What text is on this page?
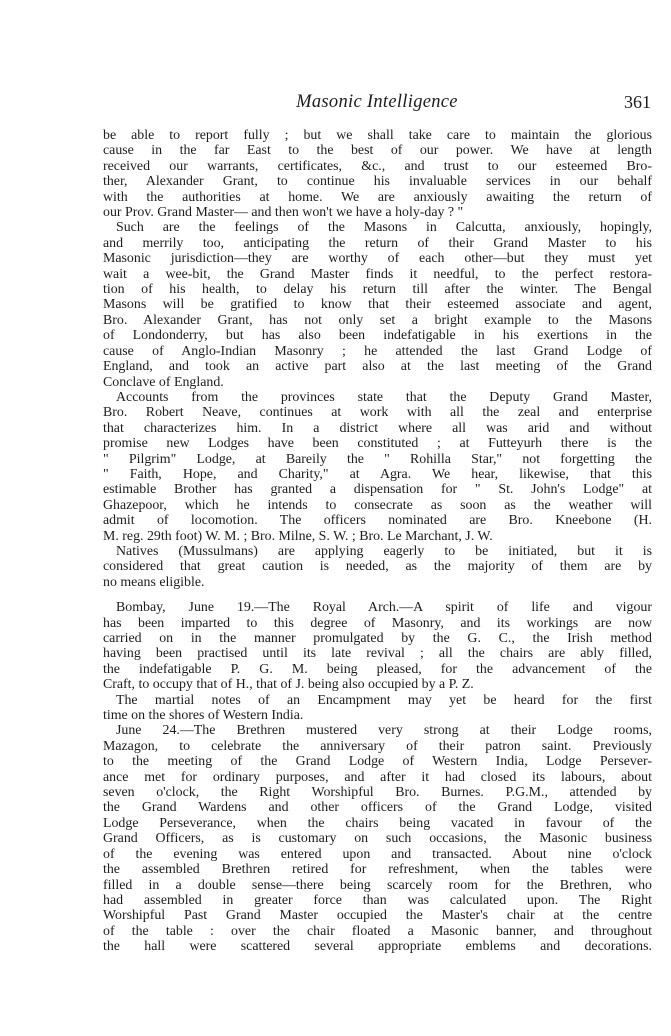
Masonic Intelligence	361

be able to report fully ; but we shall take care to maintain the glorious
cause in the far East to the best of our power. We have at length
received our warrants, certificates, &c., and trust to our esteemed Bro-
ther, Alexander Grant, to continue his invaluable services in our behalf
with the authorities at home. We are anxiously awaiting the return of
our Prov. Grand Master— and then won't we have a holy-day ? "

Such are the feelings of the Masons in Calcutta, anxiously, hopingly,
and merrily too, anticipating the return of their Grand Master to his
Masonic jurisdiction—they are worthy of each other—but they must yet
wait a wee-bit, the Grand Master finds it needful, to the perfect restora-
tion of his health, to delay his return till after the winter. The Bengal
Masons will be gratified to know that their esteemed associate and agent,
Bro. Alexander Grant, has not only set a bright example to the Masons
of Londonderry, but has also been indefatigable in his exertions in the
cause of Anglo-Indian Masonry ; he attended the last Grand Lodge of
England, and took an active part also at the last meeting of the Grand
Conclave of England.

Accounts from the provinces state that the Deputy Grand Master,
Bro. Robert Neave, continues at work with all the zeal and enterprise
that characterizes him. In a district where all was arid and without
promise new Lodges have been constituted ; at Futteyurh there is the
" Pilgrim" Lodge, at Bareily the " Rohilla Star," not forgetting the
" Faith, Hope, and Charity," at Agra. We hear, likewise, that this
estimable Brother has granted a dispensation for " St. John's Lodge" at
Ghazepoor, which he intends to consecrate as soon as the weather will
admit of locomotion. The officers nominated are Bro. Kneebone (H.
M. reg. 29th foot) W. M. ; Bro. Milne, S. W. ; Bro. Le Marchant, J. W.

Natives (Mussulmans) are applying eagerly to be initiated, but it is
considered that great caution is needed, as the majority of them are by
no means eligible.

Bombay, June 19.—The Royal Arch.—A spirit of life and vigour
has been imparted to this degree of Masonry, and its workings are now
carried on in the manner promulgated by the G. C., the Irish method
having been practised until its late revival ; all the chairs are ably filled,
the indefatigable P. G. M. being pleased, for the advancement of the
Craft, to occupy that of H., that of J. being also occupied by a P. Z.

The martial notes of an Encampment may yet be heard for the first
time on the shores of Western India.

June 24.—The Brethren mustered very strong at their Lodge rooms,
Mazagon, to celebrate the anniversary of their patron saint. Previously
to the meeting of the Grand Lodge of Western India, Lodge Persever-
ance met for ordinary purposes, and after it had closed its labours, about
seven o'clock, the Right Worshipful Bro. Burnes. P.G.M., attended by
the Grand Wardens and other officers of the Grand Lodge, visited
Lodge Perseverance, when the chairs being vacated in favour of the
Grand Officers, as is customary on such occasions, the Masonic business
of the evening was entered upon and transacted. About nine o'clock
the assembled Brethren retired for refreshment, when the tables were
filled in a double sense—there being scarcely room for the Brethren, who
had assembled in greater force than was calculated upon. The Right
Worshipful Past Grand Master occupied the Master's chair at the centre
of the table : over the chair floated a Masonic banner, and throughout
the hall were scattered several appropriate emblems and decorations.
